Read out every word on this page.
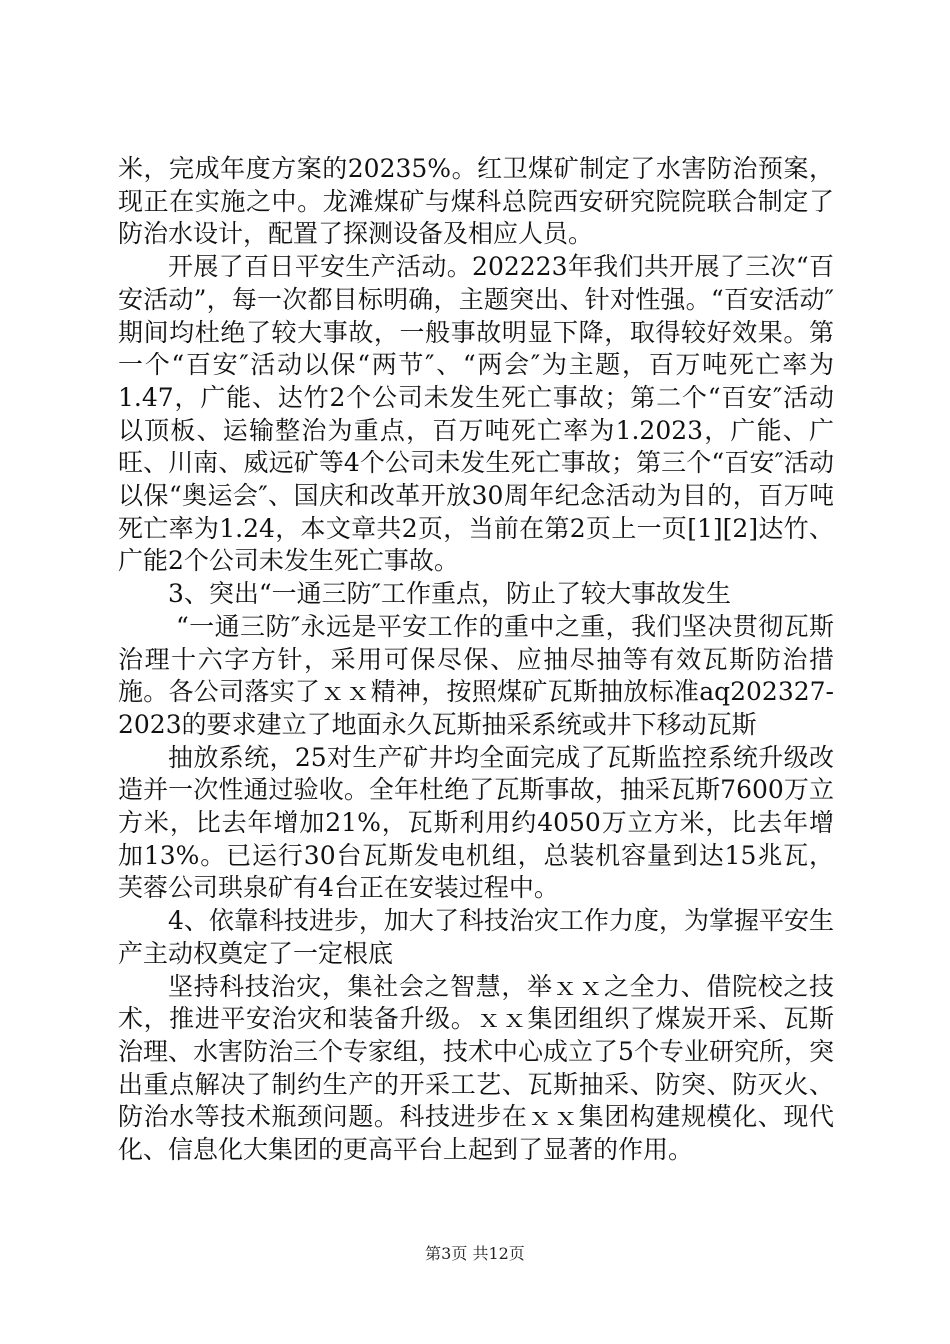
米，完成年度方案的20235%。红卫煤矿制定了水害防治预案，现正在实施之中。龙滩煤矿与煤科总院西安研究院院联合制定了防治水设计，配置了探测设备及相应人员。

开展了百日平安生产活动。202223年我们共开展了三次“百安活动”，每一次都目标明确，主题突出、针对性强。“百安活动″期间均杜绝了较大事故，一般事故明显下降，取得较好效果。第一个“百安″活动以保“两节″、“两会″为主题，百万吨死亡率为1.47，广能、达竹2个公司未发生死亡事故；第二个“百安″活动以顶板、运输整治为重点，百万吨死亡率为1.2023，广能、广旺、川南、威远矿等4个公司未发生死亡事故；第三个“百安″活动以保“奥运会″、国庆和改革开放30周年纪念活动为目的，百万吨死亡率为1.24，本文章共2页，当前在第2页上一页[1][2]达竹、广能2个公司未发生死亡事故。

3、突出“一通三防″工作重点，防止了较大事故发生

“一通三防″永远是平安工作的重中之重，我们坚决贯彻瓦斯治理十六字方针，采用可保尽保、应抽尽抽等有效瓦斯防治措施。各公司落实了ｘｘ精神，按照煤矿瓦斯抽放标准aq202327-2023的要求建立了地面永久瓦斯抽采系统或井下移动瓦斯

抽放系统，25对生产矿井均全面完成了瓦斯监控系统升级改造并一次性通过验收。全年杜绝了瓦斯事故，抽采瓦斯7600万立方米，比去年增加21%，瓦斯利用约4050万立方米，比去年增加13%。已运行30台瓦斯发电机组，总装机容量到达15兆瓦，芙蓉公司珙泉矿有4台正在安装过程中。

4、依靠科技进步，加大了科技治灾工作力度，为掌握平安生产主动权奠定了一定根底

坚持科技治灾，集社会之智慧，举ｘｘ之全力、借院校之技术，推进平安治灾和装备升级。ｘｘ集团组织了煤炭开采、瓦斯治理、水害防治三个专家组，技术中心成立了5个专业研究所，突出重点解决了制约生产的开采工艺、瓦斯抽采、防突、防灭火、防治水等技术瓶颈问题。科技进步在ｘｘ集团构建规模化、现代化、信息化大集团的更高平台上起到了显著的作用。

第3页 共12页
